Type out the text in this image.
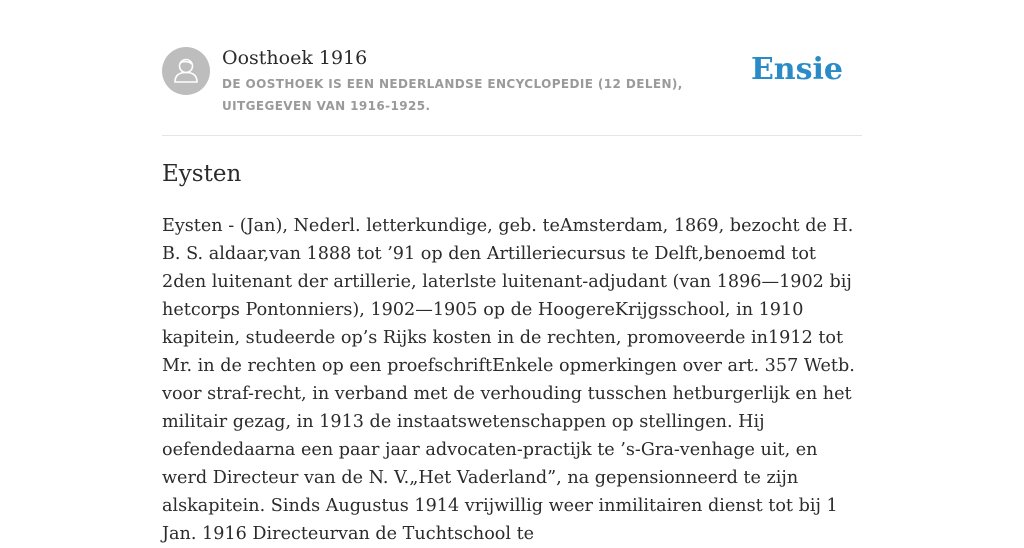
Oosthoek 1916

DE OOSTHOEK IS EEN NEDERLANDSE ENCYCLOPEDIE (12 DELEN), UITGEGEVEN VAN 1916-1925.

Ensie
Eysten

Eysten - (Jan), Nederl. letterkundige, geb. teAmsterdam, 1869, bezocht de H. B. S. aldaar,van 1888 tot ’91 op den Artilleriecursus te Delft,benoemd tot 2den luitenant der artillerie, laterlste luitenant-adjudant (van 1896—1902 bij hetcorps Pontonniers), 1902—1905 op de HoogereKrijgsschool, in 1910 kapitein, studeerde op’s Rijks kosten in de rechten, promoveerde in1912 tot Mr. in de rechten op een proefschriftEnkele opmerkingen over art. 357 Wetb. voor straf-recht, in verband met de verhouding tusschen hetburgerlijk en het militair gezag, in 1913 de instaatswetenschappen op stellingen. Hij oefendedaarna een paar jaar advocaten-practijk te ’s-Gra-venhage uit, en werd Directeur van de N. V.„Het Vaderland”, na gepensionneerd te zijn alskapitein. Sinds Augustus 1914 vrijwillig weer inmilitairen dienst tot bij 1 Jan. 1916 Directeurvan de Tuchtschool te
